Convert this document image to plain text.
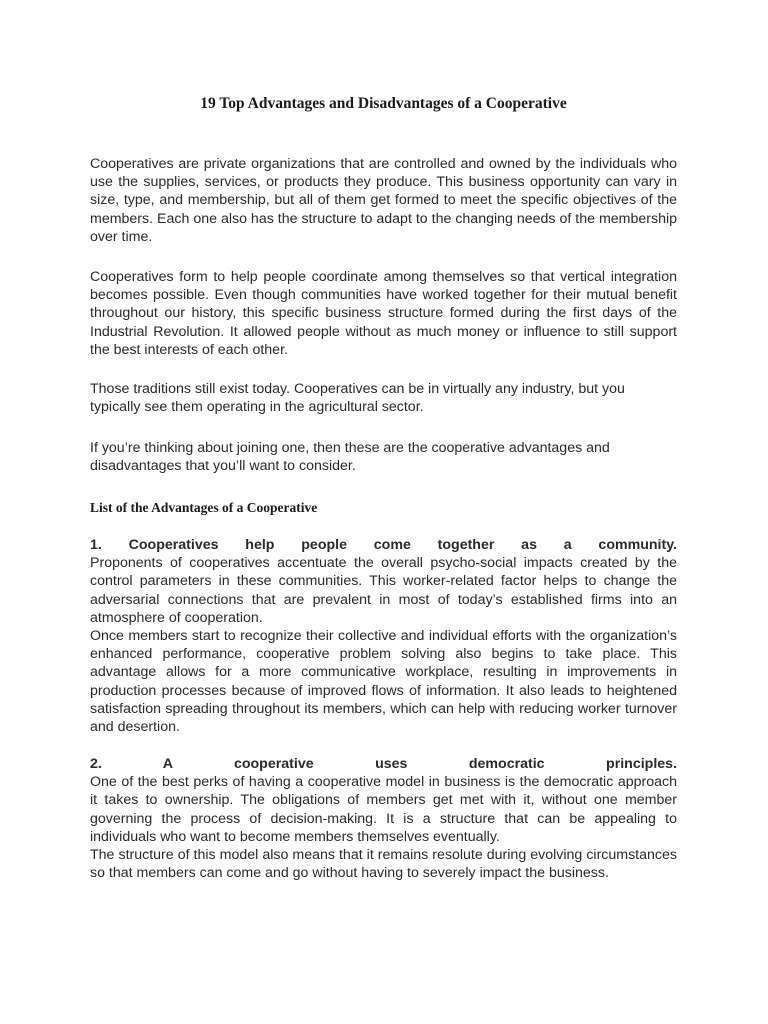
19 Top Advantages and Disadvantages of a Cooperative

Cooperatives are private organizations that are controlled and owned by the individuals who use the supplies, services, or products they produce. This business opportunity can vary in size, type, and membership, but all of them get formed to meet the specific objectives of the members. Each one also has the structure to adapt to the changing needs of the membership over time.

Cooperatives form to help people coordinate among themselves so that vertical integration becomes possible. Even though communities have worked together for their mutual benefit throughout our history, this specific business structure formed during the first days of the Industrial Revolution. It allowed people without as much money or influence to still support the best interests of each other.

Those traditions still exist today. Cooperatives can be in virtually any industry, but you typically see them operating in the agricultural sector.

If you’re thinking about joining one, then these are the cooperative advantages and disadvantages that you’ll want to consider.

List of the Advantages of a Cooperative
1. Cooperatives help people come together as a community.
Proponents of cooperatives accentuate the overall psycho-social impacts created by the control parameters in these communities. This worker-related factor helps to change the adversarial connections that are prevalent in most of today’s established firms into an atmosphere of cooperation.
Once members start to recognize their collective and individual efforts with the organization’s enhanced performance, cooperative problem solving also begins to take place. This advantage allows for a more communicative workplace, resulting in improvements in production processes because of improved flows of information. It also leads to heightened satisfaction spreading throughout its members, which can help with reducing worker turnover and desertion.
2. A cooperative uses democratic principles.
One of the best perks of having a cooperative model in business is the democratic approach it takes to ownership. The obligations of members get met with it, without one member governing the process of decision-making. It is a structure that can be appealing to individuals who want to become members themselves eventually.
The structure of this model also means that it remains resolute during evolving circumstances so that members can come and go without having to severely impact the business.
